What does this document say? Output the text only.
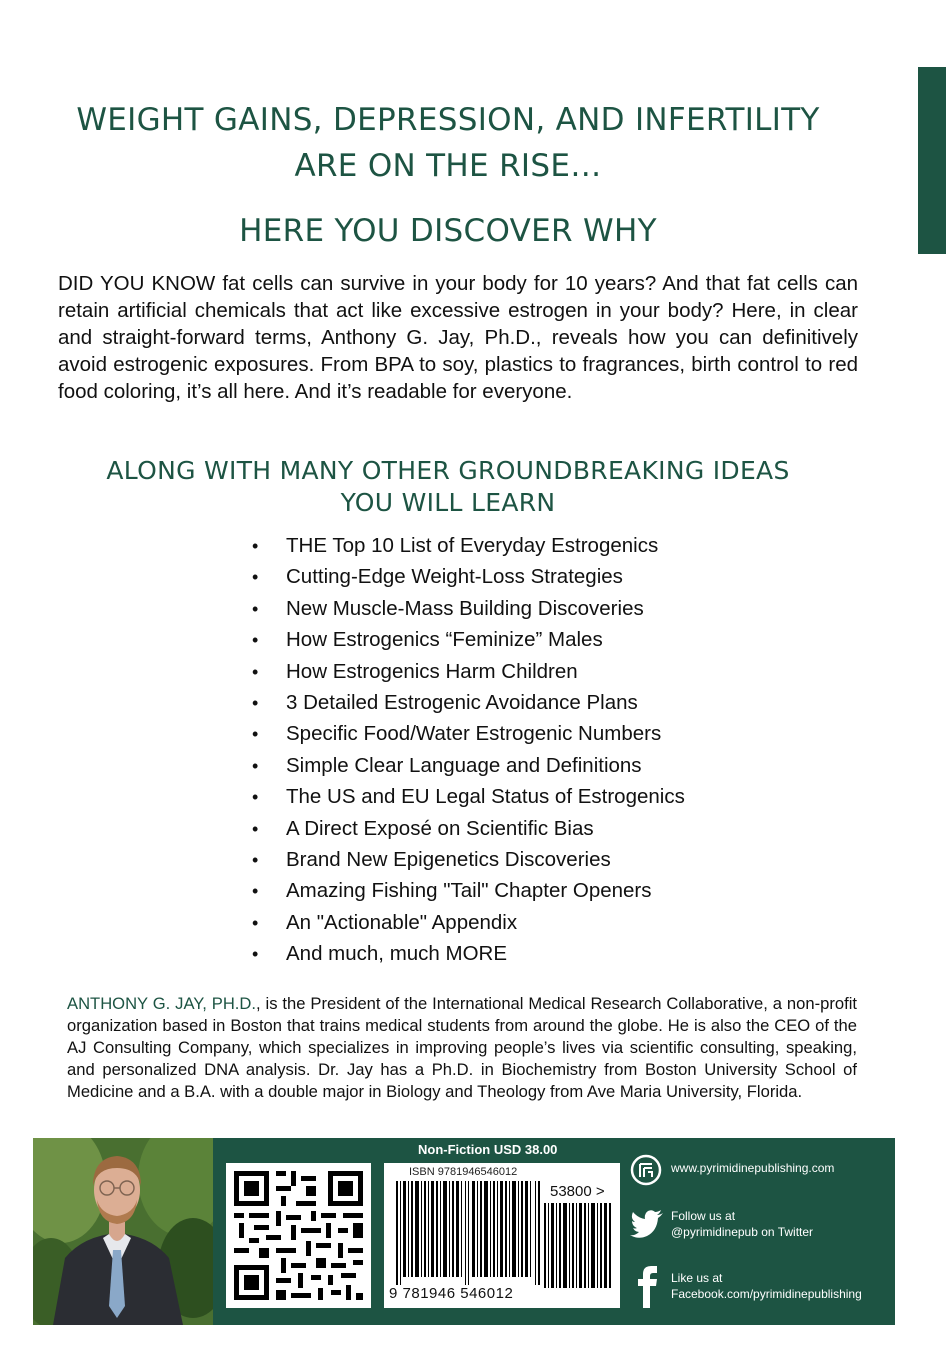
WEIGHT GAINS, DEPRESSION, AND INFERTILITY
ARE ON THE RISE…
HERE YOU DISCOVER WHY
DID YOU KNOW fat cells can survive in your body for 10 years? And that fat cells can retain artificial chemicals that act like excessive estrogen in your body? Here, in clear and straight-forward terms, Anthony G. Jay, Ph.D., reveals how you can definitively avoid estrogenic exposures. From BPA to soy, plastics to fragrances, birth control to red food coloring, it’s all here. And it’s readable for everyone.
ALONG WITH MANY OTHER GROUNDBREAKING IDEAS
YOU WILL LEARN
• THE Top 10 List of Everyday Estrogenics
• Cutting-Edge Weight-Loss Strategies
• New Muscle-Mass Building Discoveries
• How Estrogenics “Feminize” Males
• How Estrogenics Harm Children
• 3 Detailed Estrogenic Avoidance Plans
• Specific Food/Water Estrogenic Numbers
• Simple Clear Language and Definitions
• The US and EU Legal Status of Estrogenics
• A Direct Exposé on Scientific Bias
• Brand New Epigenetics Discoveries
• Amazing Fishing "Tail" Chapter Openers
• An "Actionable" Appendix
• And much, much MORE
ANTHONY G. JAY, PH.D., is the President of the International Medical Research Collaborative, a non-profit organization based in Boston that trains medical students from around the globe. He is also the CEO of the AJ Consulting Company, which specializes in improving people’s lives via scientific consulting, speaking, and personalized DNA analysis. Dr. Jay has a Ph.D. in Biochemistry from Boston University School of Medicine and a B.A. with a double major in Biology and Theology from Ave Maria University, Florida.
Non-Fiction USD 38.00
ISBN 9781946546012
53800 >
9 781946 546012
www.pyrimidinepublishing.com
Follow us at
@pyrimidinepub on Twitter
Like us at
Facebook.com/pyrimidinepublishing
